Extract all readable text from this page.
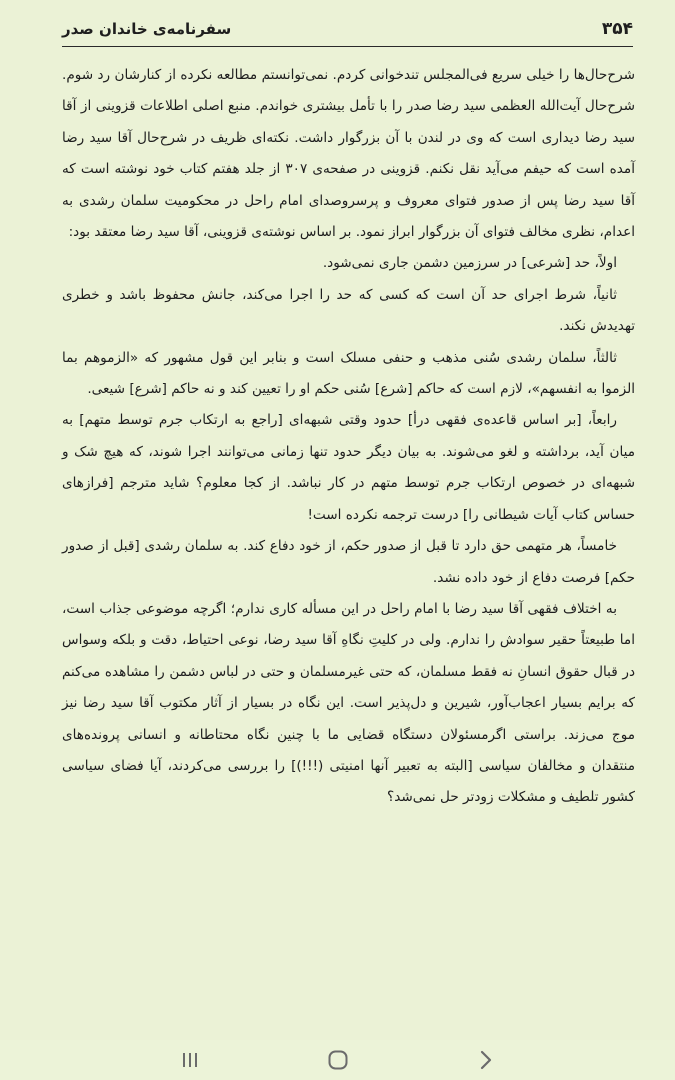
۳۵۴
سفرنامه‌ی خاندان صدر

شرح‌حال‌ها را خیلی سریع فی‌المجلس تندخوانی کردم. نمی‌توانستم مطالعه نکرده از کنارشان رد شوم. شرح‌حال آیت‌الله العظمی سید رضا صدر را با تأمل بیشتری خواندم. منبع اصلی اطلاعات قزوینی از آقا سید رضا دیداری است که وی در لندن با آن بزرگوار داشت. نکته‌ای ظریف در شرح‌حال آقا سید رضا آمده است که حیفم می‌آید نقل نکنم. قزوینی در صفحه‌ی ۳۰۷ از جلد هفتم کتاب خود نوشته است که آقا سید رضا پس از صدور فتوای معروف و پرسروصدای امام راحل در محکومیت سلمان رشدی به اعدام، نظری مخالف فتوای آن بزرگوار ابراز نمود. بر اساس نوشته‌ی قزوینی، آقا سید رضا معتقد بود:

اولاً، حد [شرعی] در سرزمین دشمن جاری نمی‌شود.

ثانیاً، شرط اجرای حد آن است که کسی که حد را اجرا می‌کند، جانش محفوظ باشد و خطری تهدیدش نکند.

ثالثاً، سلمان رشدی سُنی مذهب و حنفی مسلک است و بنابر این قول مشهور که «الزموهم بما الزموا به انفسهم»، لازم است که حاکم [شرع] سُنی حکم او را تعیین کند و نه حاکم [شرع] شیعی.

رابعاً، [بر اساس قاعده‌ی فقهی درأ] حدود وقتی شبهه‌ای [راجع به ارتکاب جرم توسط متهم] به میان آید، برداشته و لغو می‌شوند. به بیان دیگر حدود تنها زمانی می‌توانند اجرا شوند، که هیچ شک و شبهه‌ای در خصوص ارتکاب جرم توسط متهم در کار نباشد. از کجا معلوم؟ شاید مترجم [فرازهای حساس کتاب آیات شیطانی را] درست ترجمه نکرده است!

خامساً، هر متهمی حق دارد تا قبل از صدور حکم، از خود دفاع کند. به سلمان رشدی [قبل از صدور حکم] فرصت دفاع از خود داده نشد.

به اختلاف فقهی آقا سید رضا با امام راحل در این مسأله کاری ندارم؛ اگرچه موضوعی جذاب است، اما طبیعتاً حقیر سوادش را ندارم. ولی در کلیتِ نگاهِ آقا سید رضا، نوعی احتیاط، دقت و بلکه وسواس در قبال حقوق انسانِ نه فقط مسلمان، که حتی غیرمسلمان و حتی در لباس دشمن را مشاهده می‌کنم که برایم بسیار اعجاب‌آور، شیرین و دل‌پذیر است. این نگاه در بسیار از آثار مکتوب آقا سید رضا نیز موج می‌زند. براستی اگرمسئولان دستگاه قضایی ما با چنین نگاه محتاطانه و انسانی پرونده‌های منتقدان و مخالفان سیاسی [البته به تعبیر آنها امنیتی (!!!)] را بررسی می‌کردند، آیا فضای سیاسی کشور تلطیف و مشکلات زودتر حل نمی‌شد؟
